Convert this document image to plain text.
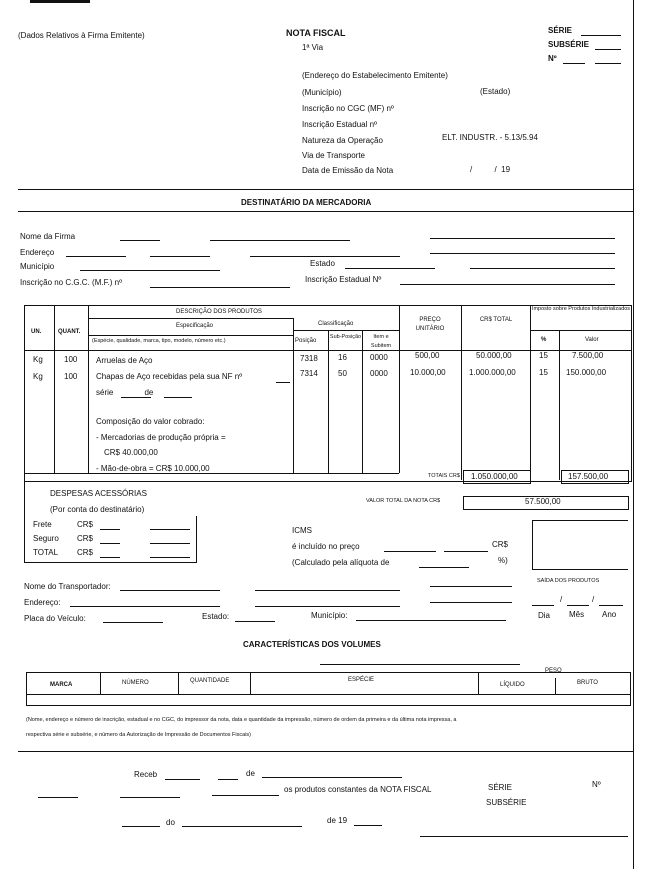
(Dados Relativos à Firma Emitente)	NOTA FISCAL
1ª Via
SÉRIE
SUBSÉRIE
Nº
(Endereço do Estabelecimento Emitente)
(Município)	(Estado)
Inscrição no CGC (MF) nº
Inscrição Estadual nº
Natureza da Operação	ELT. INDUSTR. - 5.13/5.94
Via de Transporte
Data de Emissão da Nota	/          /  19
DESTINATÁRIO DA MERCADORIA
Nome da Firma
Endereço
Município	Estado
Inscrição no C.G.C. (M.F.) nº	Inscrição Estadual Nº
UN.	QUANT.
DESCRIÇÃO DOS PRODUTOS
Especificação
(Espécie, qualidade, marca, tipo, modelo, número etc.)
Classificação
Posição
Sub-Posição	Item e Subitem
PREÇO UNITÁRIO
CR$ TOTAL
Imposto sobre Produtos Industrializados
%	Valor
Kg	100 Arruelas de Aço	7318	16	0000	500,00	50.000,00	15	7.500,00
Kg	100 Chapas de Aço recebidas pela sua NF nº	7314	50	0000	10.000,00	1.000.000,00	15 150.000,00
série              de
Composição do valor cobrado:
- Mercadorias de produção própria =
CR$ 40.000,00
- Mão-de-obra = CR$ 10.000,00
TOTAIS CR$ 1.050.000,00	157.500,00
DESPESAS ACESSÓRIAS
(Por conta do destinatário)
Frete	CR$
Seguro CR$
TOTAL CR$
VALOR TOTAL DA NOTA CR$	57.500,00
ICMS
é incluído no preço	CR$
(Calculado pela alíquota de	%)
Nome do Transportador:
SAÍDA DOS PRODUTOS
Endereço:	/	/
Placa do Veículo:	Estado:	Município:	Dia Mês Ano
CARACTERÍSTICAS DOS VOLUMES
MARCA	NÚMERO	QUANTIDADE	ESPÉCIE
PESO
LÍQUIDO	BRUTO
(Nome, endereço e número de inscrição, estadual e no CGC, do impressor da nota, data e quantidade da impressão, número de ordem da primeira e da última nota impressa, a
respectiva série e subsérie, e número da Autorização de Impressão de Documentos Fiscais)
Receb	de
os produtos constantes da NOTA FISCAL	SÉRIE	Nº
SUBSÉRIE
do	de 19
